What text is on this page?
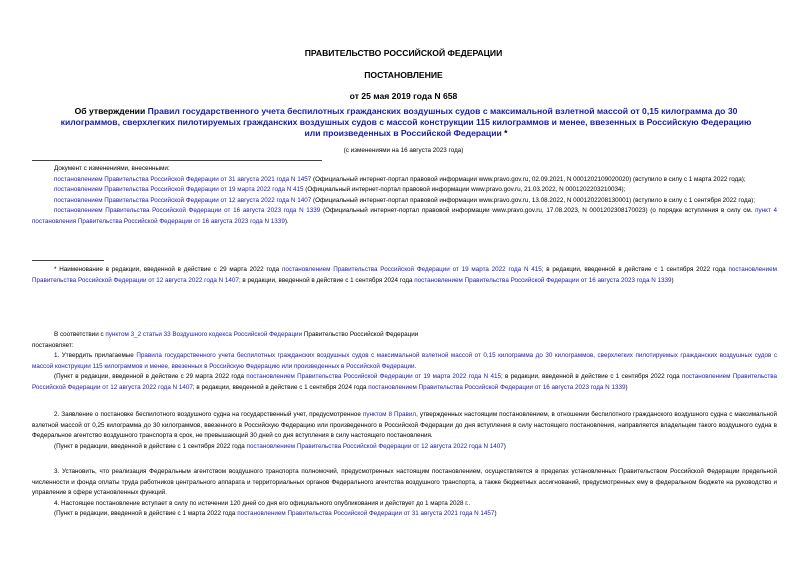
ПРАВИТЕЛЬСТВО РОССИЙСКОЙ ФЕДЕРАЦИИ
ПОСТАНОВЛЕНИЕ
от 25 мая 2019 года N 658
Об утверждении Правил государственного учета беспилотных гражданских воздушных судов с максимальной взлетной массой от 0,15 килограмма до 30 килограммов, сверхлегких пилотируемых гражданских воздушных судов с массой конструкции 115 килограммов и менее, ввезенных в Российскую Федерацию или произведенных в Российской Федерации *
(с изменениями на 16 августа 2023 года)

Документ с изменениями, внесенными:

постановлением Правительства Российской Федерации от 31 августа 2021 года N 1457 (Официальный интернет-портал правовой информации www.pravo.gov.ru, 02.09.2021, N 0001202109020020) (вступило в силу с 1 марта 2022 года);

постановлением Правительства Российской Федерации от 19 марта 2022 года N 415 (Официальный интернет-портал правовой информации www.pravo.gov.ru, 21.03.2022, N 0001202203210034);

постановлением Правительства Российской Федерации от 12 августа 2022 года N 1407 (Официальный интернет-портал правовой информации www.pravo.gov.ru, 13.08.2022, N 0001202208130001) (вступило в силу с 1 сентября 2022 года);

постановлением Правительства Российской Федерации от 16 августа 2023 года N 1339 (Официальный интернет-портал правовой информации www.pravo.gov.ru, 17.08.2023, N 0001202308170023) (о порядке вступления в силу см. пункт 4 постановления Правительства Российской Федерации от 16 августа 2023 года N 1339).

* Наименование в редакции, введенной в действие с 29 марта 2022 года постановлением Правительства Российской Федерации от 19 марта 2022 года N 415; в редакции, введенной в действие с 1 сентября 2022 года постановлением Правительства Российской Федерации от 12 августа 2022 года N 1407; в редакции, введенной в действие с 1 сентября 2024 года постановлением Правительства Российской Федерации от 16 августа 2023 года N 1339)

В соответствии с пунктом 3_2 статьи 33 Воздушного кодекса Российской Федерации Правительство Российской Федерации

постановляет:

1. Утвердить прилагаемые Правила государственного учета беспилотных гражданских воздушных судов с максимальной взлетной массой от 0,15 килограмма до 30 килограммов, сверхлегких пилотируемых гражданских воздушных судов с массой конструкции 115 килограммов и менее, ввезенных в Российскую Федерацию или произведенных в Российской Федерации.

(Пункт в редакции, введенной в действие с 29 марта 2022 года постановлением Правительства Российской Федерации от 19 марта 2022 года N 415; в редакции, введенной в действие с 1 сентября 2022 года постановлением Правительства Российской Федерации от 12 августа 2022 года N 1407; в редакции, введенной в действие с 1 сентября 2024 года постановлением Правительства Российской Федерации от 16 августа 2023 года N 1339)

2. Заявление о постановке беспилотного воздушного судна на государственный учет, предусмотренное пунктом 8 Правил, утвержденных настоящим постановлением, в отношении беспилотного гражданского воздушного судна с максимальной взлетной массой от 0,25 килограмма до 30 килограммов, ввезенного в Российскую Федерацию или произведенного в Российской Федерации до дня вступления в силу настоящего постановления, направляется владельцем такого воздушного судна в Федеральное агентство воздушного транспорта в срок, не превышающий 30 дней со дня вступления в силу настоящего постановления.

(Пункт в редакции, введенной в действие с 1 сентября 2022 года постановлением Правительства Российской Федерации от 12 августа 2022 года N 1407)

3. Установить, что реализация Федеральным агентством воздушного транспорта полномочий, предусмотренных настоящим постановлением, осуществляется в пределах установленных Правительством Российской Федерации предельной численности и фонда оплаты труда работников центрального аппарата и территориальных органов Федерального агентства воздушного транспорта, а также бюджетных ассигнований, предусмотренных ему в федеральном бюджете на руководство и управление в сфере установленных функций.

4. Настоящее постановление вступает в силу по истечении 120 дней со дня его официального опубликования и действует до 1 марта 2028 г..

(Пункт в редакции, введенной в действие с 1 марта 2022 года постановлением Правительства Российской Федерации от 31 августа 2021 года N 1457)
